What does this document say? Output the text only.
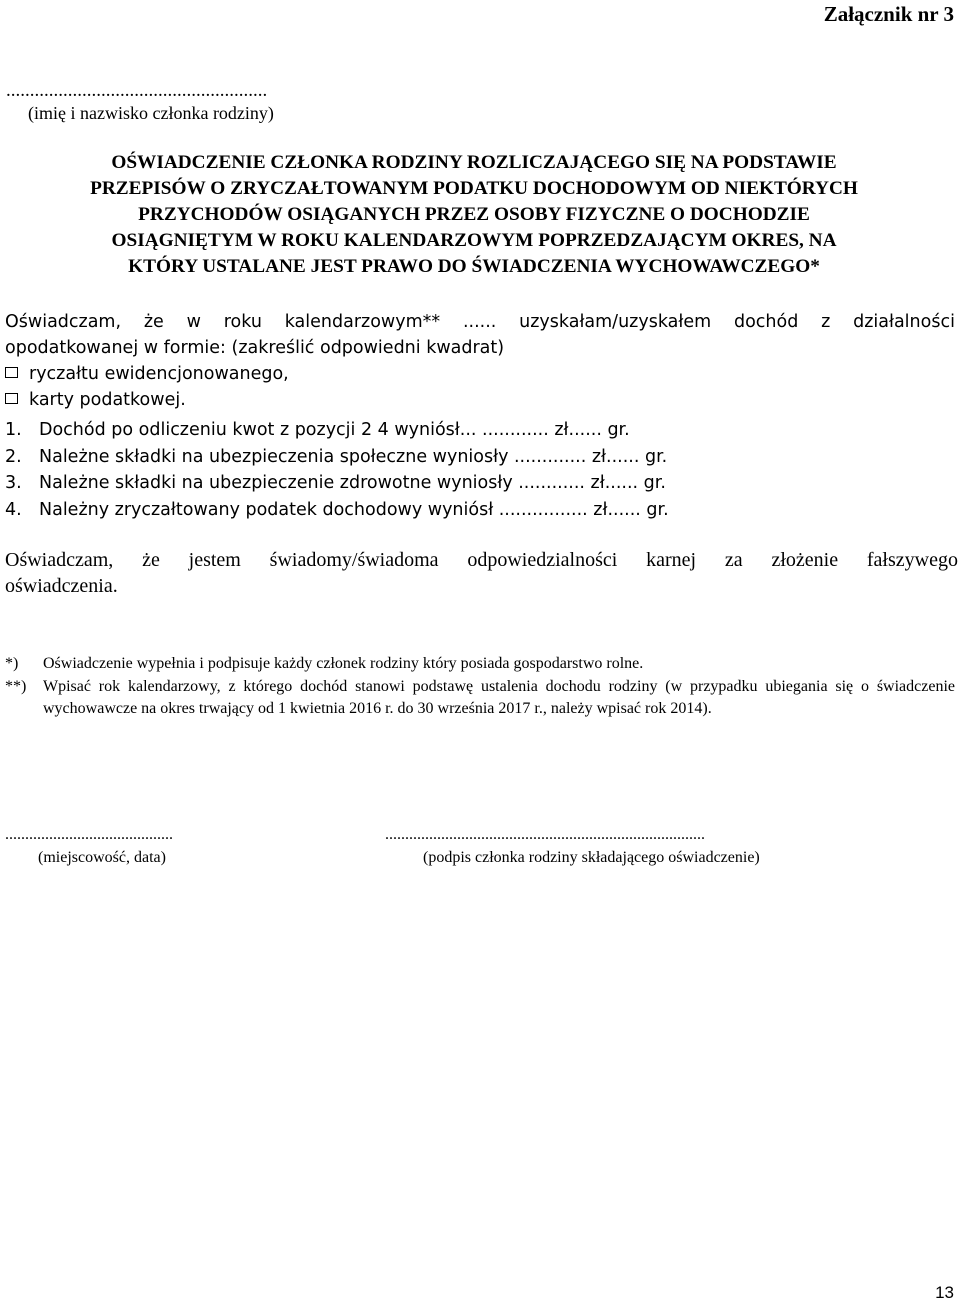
Załącznik nr 3
.......................................................
(imię i nazwisko członka rodziny)
OŚWIADCZENIE CZŁONKA RODZINY ROZLICZAJĄCEGO SIĘ NA PODSTAWIE
PRZEPISÓW O ZRYCZAŁTOWANYM PODATKU DOCHODOWYM OD NIEKTÓRYCH
PRZYCHODÓW OSIĄGANYCH PRZEZ OSOBY FIZYCZNE O DOCHODZIE
OSIĄGNIĘTYM W ROKU KALENDARZOWYM POPRZEDZAJĄCYM OKRES, NA
KTÓRY USTALANE JEST PRAWO DO ŚWIADCZENIA WYCHOWAWCZEGO*
Oświadczam, że w roku kalendarzowym** ...... uzyskałam/uzyskałem dochód z działalności
opodatkowanej w formie: (zakreślić odpowiedni kwadrat)
ryczałtu ewidencjonowanego,
karty podatkowej.
1. Dochód po odliczeniu kwot z pozycji 2 4 wyniósł... ............ zł...... gr.
2. Należne składki na ubezpieczenia społeczne wyniosły ............. zł...... gr.
3. Należne składki na ubezpieczenie zdrowotne wyniosły ............ zł...... gr.
4. Należny zryczałtowany podatek dochodowy wyniósł ................ zł...... gr.
Oświadczam, że jestem świadomy/świadoma odpowiedzialności karnej za złożenie fałszywego
oświadczenia.
*) Oświadczenie wypełnia i podpisuje każdy członek rodziny który posiada gospodarstwo rolne.
**) Wpisać rok kalendarzowy, z którego dochód stanowi podstawę ustalenia dochodu rodziny (w przypadku ubiegania się o świadczenie wychowawcze na okres trwający od 1 kwietnia 2016 r. do 30 września 2017 r., należy wpisać rok 2014).
..........................................	................................................................................
(miejscowość, data)	(podpis członka rodziny składającego oświadczenie)
13
